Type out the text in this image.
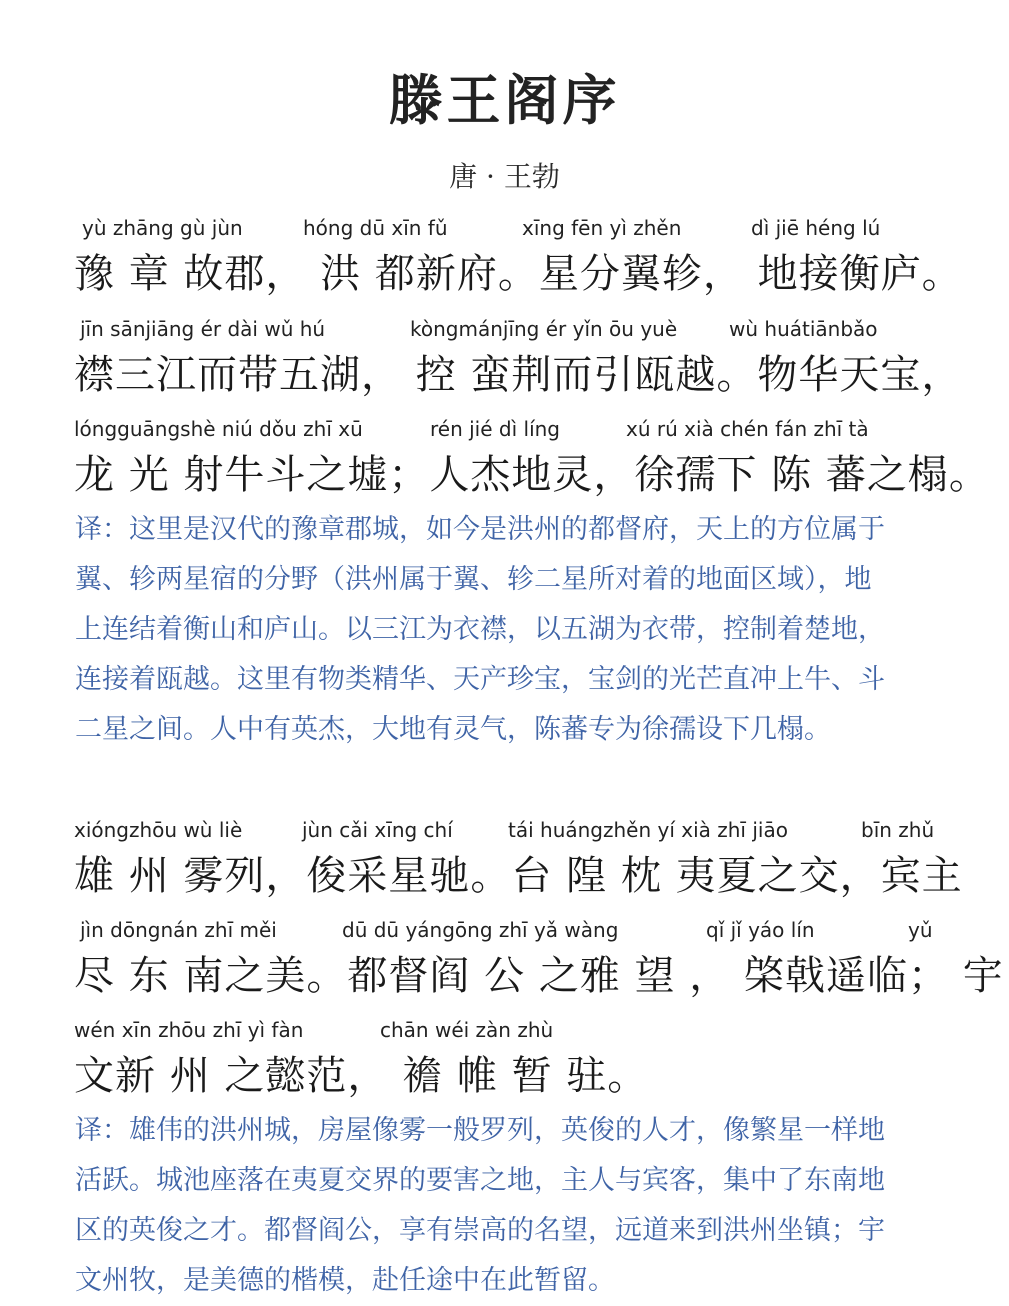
滕王阁序
唐 · 王勃

yù zhāng gù jùn

	hóng dū xīn fǔ

	xīng fēn yì zhěn

	dì jiē héng lú

豫 章 故郡， 洪 都新府。星分翼轸， 地接衡庐。

jīn sānjiāng ér dài wǔ hú

	kòngmánjīng ér yǐn ōu yuè

	wù huátiānbǎo

襟三江而带五湖， 控 蛮荆而引瓯越。物华天宝，

lóngguāngshè niú dǒu zhī xū

	rén jié dì líng

	xú rú xià chén fán zhī tà

龙 光 射牛斗之墟；人杰地灵，徐孺下 陈 蕃之榻。
译：这里是汉代的豫章郡城，如今是洪州的都督府，天上的方位属于
翼、轸两星宿的分野（洪州属于翼、轸二星所对着的地面区域），地
上连结着衡山和庐山。以三江为衣襟，以五湖为衣带，控制着楚地，
连接着瓯越。这里有物类精华、天产珍宝，宝剑的光芒直冲上牛、斗
二星之间。人中有英杰，大地有灵气，陈蕃专为徐孺设下几榻。

xióngzhōu wù liè

	jùn cǎi xīng chí

	tái huángzhěn yí xià zhī jiāo

	bīn zhǔ

雄 州 雾列，俊采星驰。台 隍 枕 夷夏之交，宾主

jìn dōngnán zhī měi

	dū dū yángōng zhī yǎ wàng

	qǐ jǐ yáo lín

	yǔ

尽 东 南之美。都督阎 公 之雅 望 ， 棨戟遥临； 宇

wén xīn zhōu zhī yì fàn

	chān wéi zàn zhù

文新 州 之懿范， 襜 帷 暂 驻。
译：雄伟的洪州城，房屋像雾一般罗列，英俊的人才，像繁星一样地
活跃。城池座落在夷夏交界的要害之地，主人与宾客，集中了东南地
区的英俊之才。都督阎公，享有崇高的名望，远道来到洪州坐镇；宇
文州牧，是美德的楷模，赴任途中在此暂留。
